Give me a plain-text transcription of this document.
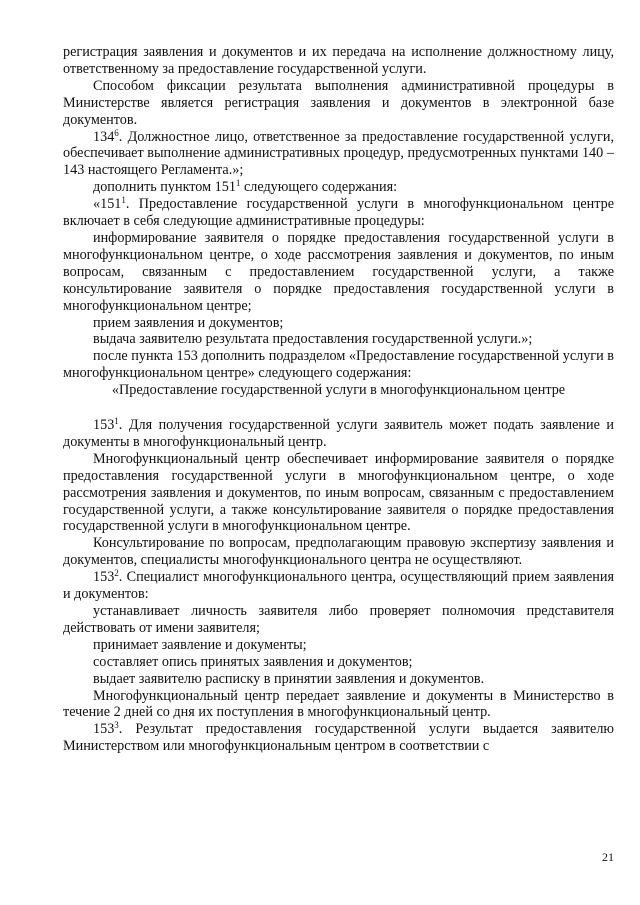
регистрация заявления и документов и их передача на исполнение должностному лицу, ответственному за предоставление государственной услуги.

Способом фиксации результата выполнения административной процедуры в Министерстве является регистрация заявления и документов в электронной базе документов.

$134^6$. Должностное лицо, ответственное за предоставление государственной услуги, обеспечивает выполнение административных процедур, предусмотренных пунктами 140 – 143 настоящего Регламента.»;

дополнить пунктом $151^1$ следующего содержания:

«$151^1$. Предоставление государственной услуги в многофункциональном центре включает в себя следующие административные процедуры:

информирование заявителя о порядке предоставления государственной услуги в многофункциональном центре, о ходе рассмотрения заявления и документов, по иным вопросам, связанным с предоставлением государственной услуги, а также консультирование заявителя о порядке предоставления государственной услуги в многофункциональном центре;

прием заявления и документов;

выдача заявителю результата предоставления государственной услуги.»;

после пункта 153 дополнить подразделом «Предоставление государственной услуги в многофункциональном центре» следующего содержания:

«Предоставление государственной услуги в многофункциональном центре

$153^1$. Для получения государственной услуги заявитель может подать заявление и документы в многофункциональный центр.

Многофункциональный центр обеспечивает информирование заявителя о порядке предоставления государственной услуги в многофункциональном центре, о ходе рассмотрения заявления и документов, по иным вопросам, связанным с предоставлением государственной услуги, а также консультирование заявителя о порядке предоставления государственной услуги в многофункциональном центре.

Консультирование по вопросам, предполагающим правовую экспертизу заявления и документов, специалисты многофункционального центра не осуществляют.

$153^2$. Специалист многофункционального центра, осуществляющий прием заявления и документов:

устанавливает личность заявителя либо проверяет полномочия представителя действовать от имени заявителя;

принимает заявление и документы;

составляет опись принятых заявления и документов;

выдает заявителю расписку в принятии заявления и документов.

Многофункциональный центр передает заявление и документы в Министерство в течение 2 дней со дня их поступления в многофункциональный центр.

$153^3$. Результат предоставления государственной услуги выдается заявителю Министерством или многофункциональным центром в соответствии с

21
